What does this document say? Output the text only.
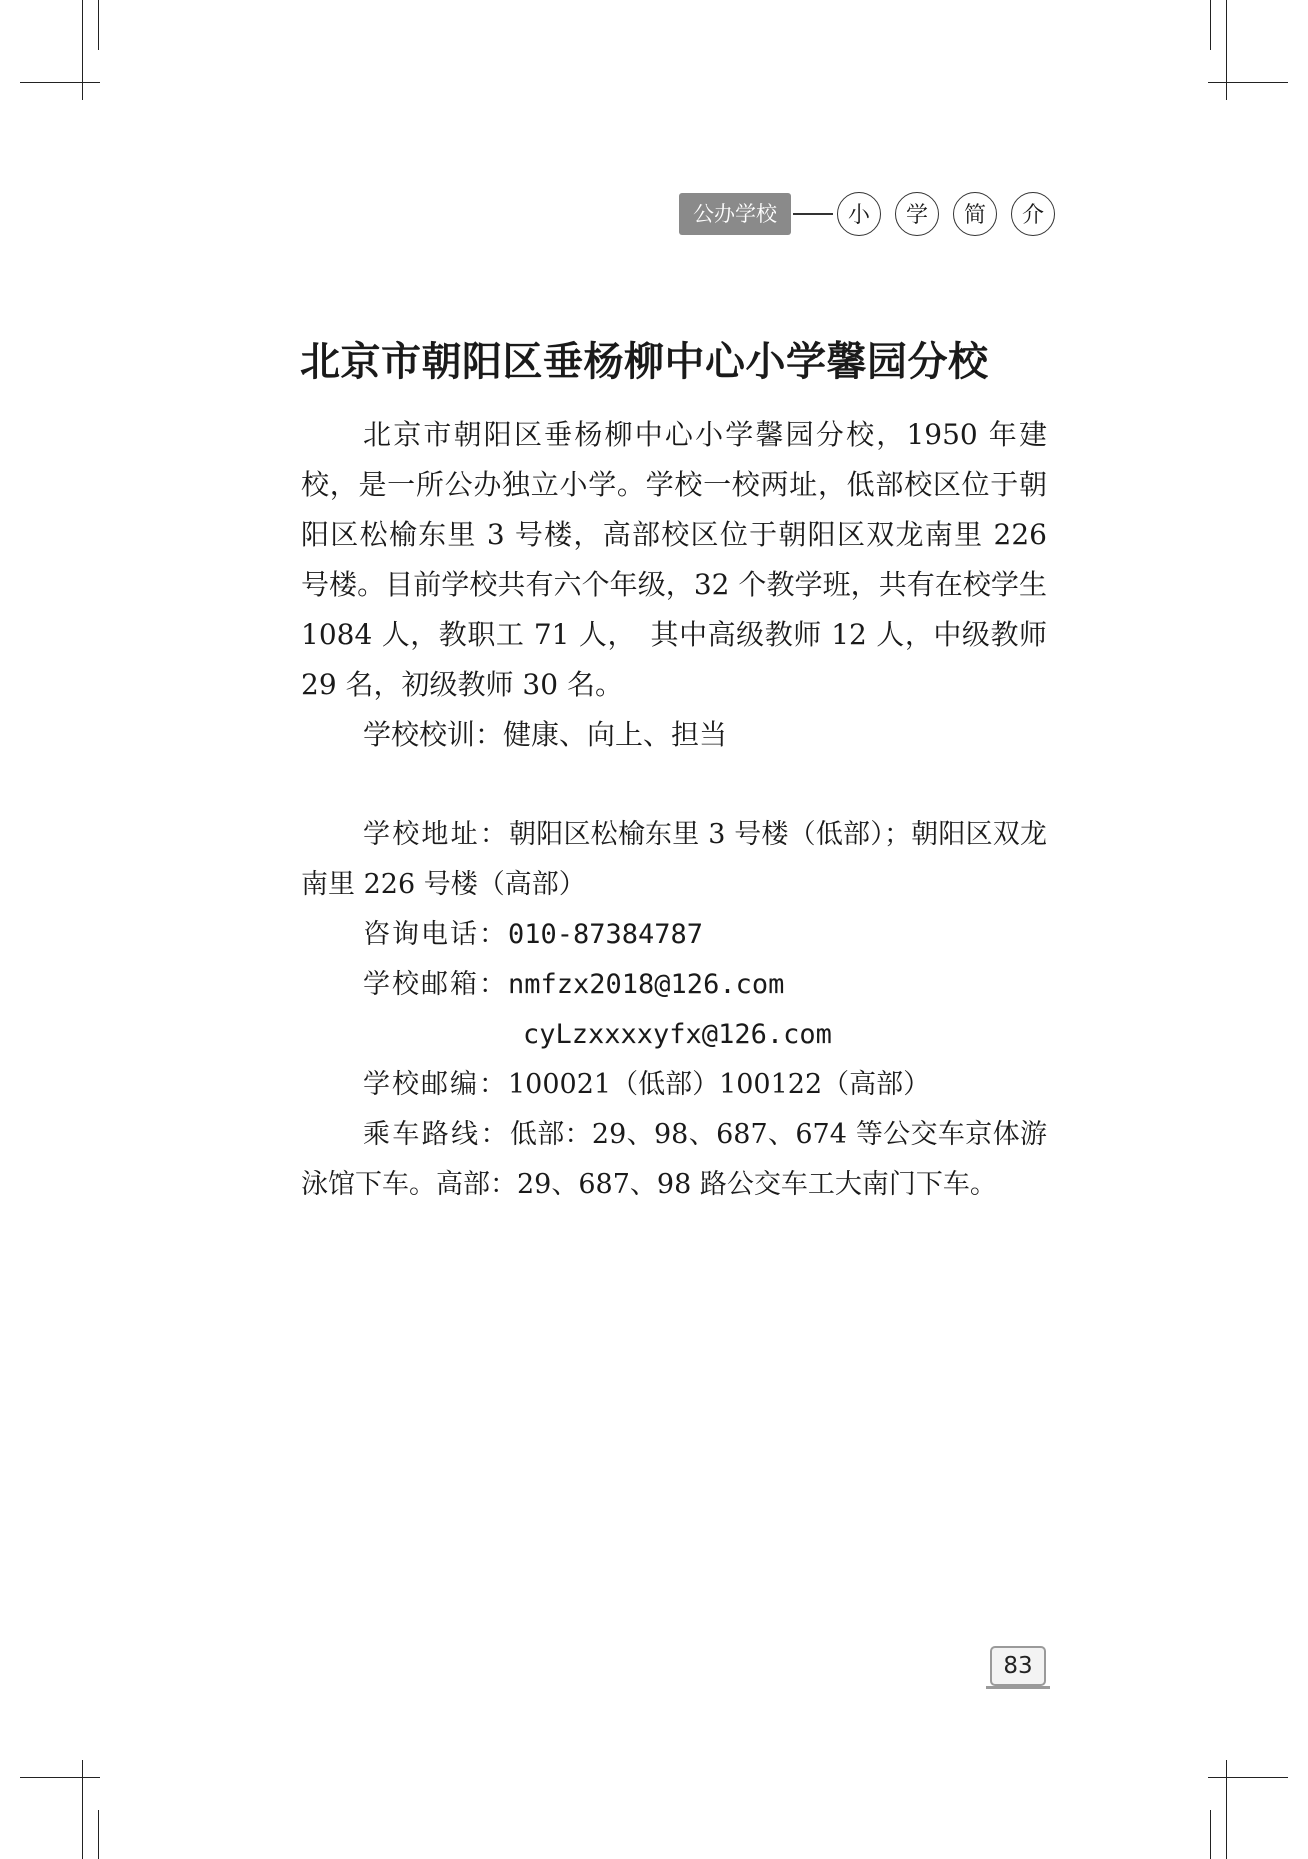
公办学校	小	学	简	介
北京市朝阳区垂杨柳中心小学馨园分校

北京市朝阳区垂杨柳中心小学馨园分校，1950 年建校，是一所公办独立小学。学校一校两址，低部校区位于朝阳区松榆东里 3 号楼，高部校区位于朝阳区双龙南里 226 号楼。目前学校共有六个年级，32 个教学班，共有在校学生 1084 人，教职工 71 人，　其中高级教师 12 人，中级教师 29 名，初级教师 30 名。

学校校训：健康、向上、担当

学校地址：朝阳区松榆东里 3 号楼（低部）；朝阳区双龙南里 226 号楼（高部）
咨询电话：010-87384787
学校邮箱：nmfzx2018@126.com
cyLzxxxxyfx@126.com
学校邮编：100021（低部）100122（高部）
乘车路线：低部：29、98、687、674 等公交车京体游泳馆下车。高部：29、687、98 路公交车工大南门下车。
83
